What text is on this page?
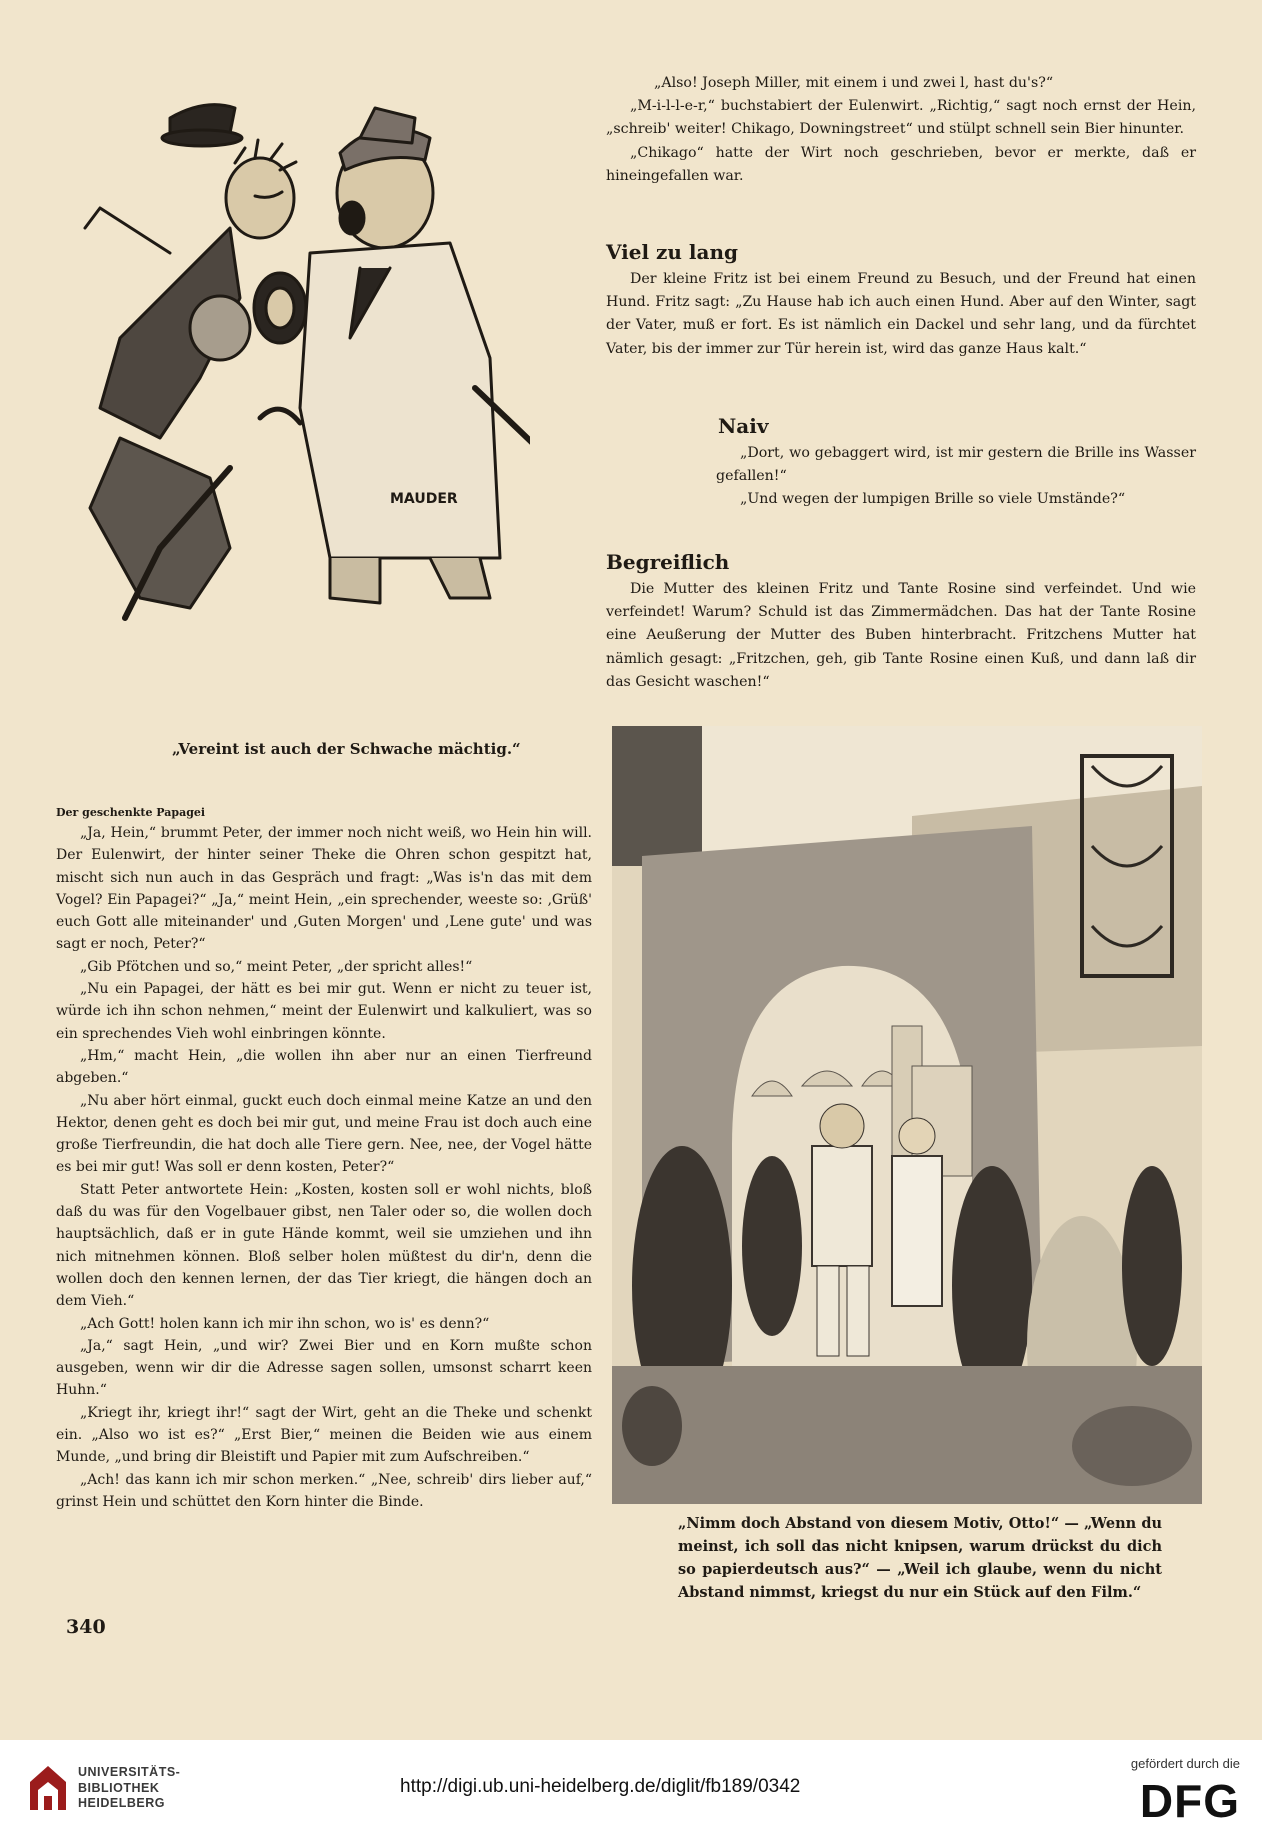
MAUDER

„Vereint ist auch der Schwache mächtig.“

„Also! Joseph Miller, mit einem i und zwei l, hast du's?“

„M-i-l-l-e-r,“ buchstabiert der Eulenwirt. „Richtig,“ sagt noch ernst der Hein, „schreib' weiter! Chikago, Downingstreet“ und stülpt schnell sein Bier hinunter.

„Chikago“ hatte der Wirt noch geschrieben, bevor er merkte, daß er hineingefallen war.

Viel zu lang

Der kleine Fritz ist bei einem Freund zu Besuch, und der Freund hat einen Hund. Fritz sagt: „Zu Hause hab ich auch einen Hund. Aber auf den Winter, sagt der Vater, muß er fort. Es ist nämlich ein Dackel und sehr lang, und da fürchtet Vater, bis der immer zur Tür herein ist, wird das ganze Haus kalt.“

Naiv

„Dort, wo gebaggert wird, ist mir gestern die Brille ins Wasser gefallen!“

„Und wegen der lumpigen Brille so viele Umstände?“

Begreiflich

Die Mutter des kleinen Fritz und Tante Rosine sind verfeindet. Und wie verfeindet! Warum? Schuld ist das Zimmermädchen. Das hat der Tante Rosine eine Aeußerung der Mutter des Buben hinterbracht. Fritzchens Mutter hat nämlich gesagt: „Fritzchen, geh, gib Tante Rosine einen Kuß, und dann laß dir das Gesicht waschen!“

Der geschenkte Papagei

„Ja, Hein,“ brummt Peter, der immer noch nicht weiß, wo Hein hin will. Der Eulenwirt, der hinter seiner Theke die Ohren schon gespitzt hat, mischt sich nun auch in das Gespräch und fragt: „Was is'n das mit dem Vogel? Ein Papagei?“ „Ja,“ meint Hein, „ein sprechender, weeste so: ‚Grüß' euch Gott alle miteinander' und ‚Guten Morgen' und ‚Lene gute' und was sagt er noch, Peter?“

„Gib Pfötchen und so,“ meint Peter, „der spricht alles!“

„Nu ein Papagei, der hätt es bei mir gut. Wenn er nicht zu teuer ist, würde ich ihn schon nehmen,“ meint der Eulenwirt und kalkuliert, was so ein sprechendes Vieh wohl einbringen könnte.

„Hm,“ macht Hein, „die wollen ihn aber nur an einen Tierfreund abgeben.“

„Nu aber hört einmal, guckt euch doch einmal meine Katze an und den Hektor, denen geht es doch bei mir gut, und meine Frau ist doch auch eine große Tierfreundin, die hat doch alle Tiere gern. Nee, nee, der Vogel hätte es bei mir gut! Was soll er denn kosten, Peter?“

Statt Peter antwortete Hein: „Kosten, kosten soll er wohl nichts, bloß daß du was für den Vogelbauer gibst, nen Taler oder so, die wollen doch hauptsächlich, daß er in gute Hände kommt, weil sie umziehen und ihn nich mitnehmen können. Bloß selber holen müßtest du dir'n, denn die wollen doch den kennen lernen, der das Tier kriegt, die hängen doch an dem Vieh.“

„Ach Gott! holen kann ich mir ihn schon, wo is' es denn?“

„Ja,“ sagt Hein, „und wir? Zwei Bier und en Korn mußte schon ausgeben, wenn wir dir die Adresse sagen sollen, umsonst scharrt keen Huhn.“

„Kriegt ihr, kriegt ihr!“ sagt der Wirt, geht an die Theke und schenkt ein. „Also wo ist es?“ „Erst Bier,“ meinen die Beiden wie aus einem Munde, „und bring dir Bleistift und Papier mit zum Aufschreiben.“

„Ach! das kann ich mir schon merken.“ „Nee, schreib' dirs lieber auf,“ grinst Hein und schüttet den Korn hinter die Binde.

„Nimm doch Abstand von diesem Motiv, Otto!“ — „Wenn du meinst, ich soll das nicht knipsen, warum drückst du dich so papierdeutsch aus?“ — „Weil ich glaube, wenn du nicht Abstand nimmst, kriegst du nur ein Stück auf den Film.“

340

UNIVERSITÄTS-
BIBLIOTHEK
HEIDELBERG
http://digi.ub.uni-heidelberg.de/diglit/fb189/0342
gefördert durch die
DFG
